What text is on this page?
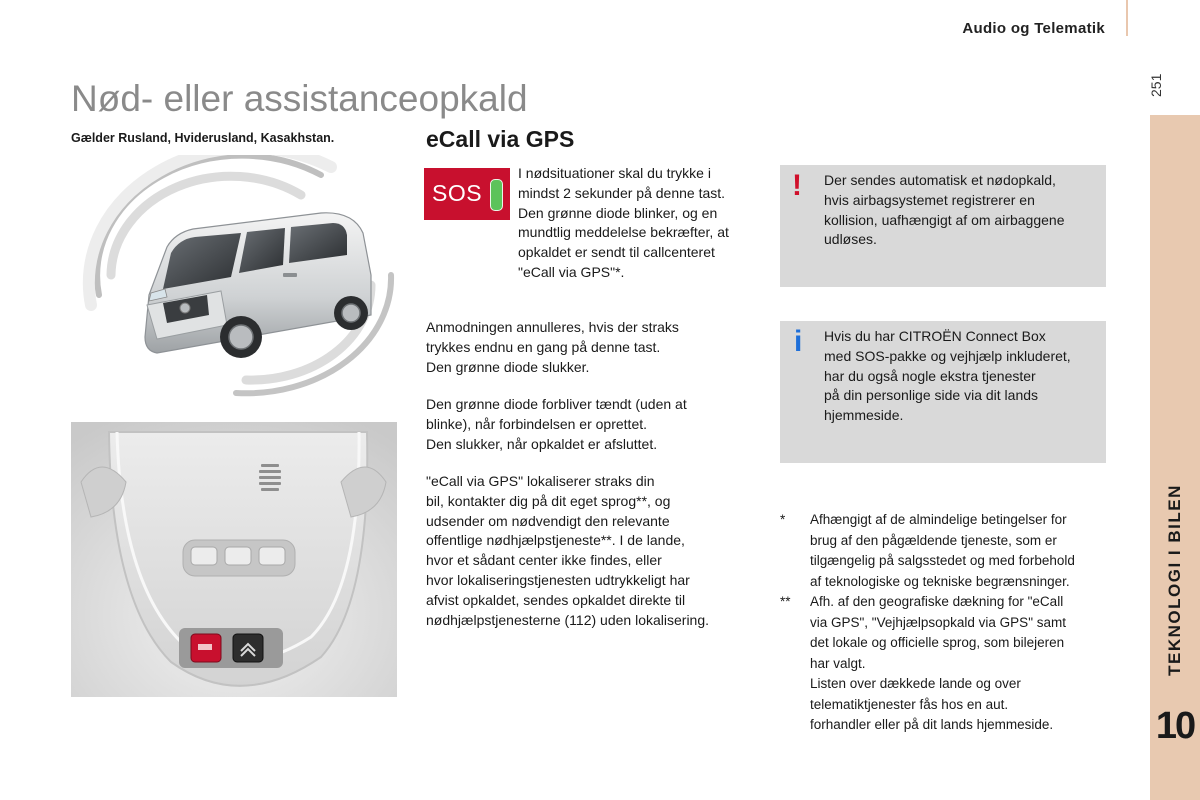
Audio og Telematik
251
TEKNOLOGI I BILEN
10
Nød- eller assistanceopkald
Gælder Rusland, Hviderusland, Kasakhstan.	eCall via GPS
SOS

I nødsituationer skal du trykke i
mindst 2 sekunder på denne tast.
Den grønne diode blinker, og en
mundtlig meddelelse bekræfter, at
opkaldet er sendt til callcenteret
"eCall via GPS"*.

Anmodningen annulleres, hvis der straks
trykkes endnu en gang på denne tast.
Den grønne diode slukker.

Den grønne diode forbliver tændt (uden at
blinke), når forbindelsen er oprettet.
Den slukker, når opkaldet er afsluttet.

"eCall via GPS" lokaliserer straks din
bil, kontakter dig på dit eget sprog**, og
udsender om nødvendigt den relevante
offentlige nødhjælpstjeneste**. I de lande,
hvor et sådant center ikke findes, eller
hvor lokaliseringstjenesten udtrykkeligt har
afvist opkaldet, sendes opkaldet direkte til
nødhjælpstjenesterne (112) uden lokalisering.

! Der sendes automatisk et nødopkald,
hvis airbagsystemet registrerer en
kollision, uafhængigt af om airbaggene
udløses.
i Hvis du har CITROËN Connect Box
med SOS-pakke og vejhjælp inkluderet,
har du også nogle ekstra tjenester
på din personlige side via dit lands
hjemmeside.
* Afhængigt af de almindelige betingelser for
brug af den pågældende tjeneste, som er
tilgængelig på salgsstedet og med forbehold
af teknologiske og tekniske begrænsninger.
** Afh. af den geografiske dækning for "eCall
via GPS", "Vejhjælpsopkald via GPS" samt
det lokale og officielle sprog, som bilejeren
har valgt.
Listen over dækkede lande og over
telematiktjenester fås hos en aut.
forhandler eller på dit lands hjemmeside.
